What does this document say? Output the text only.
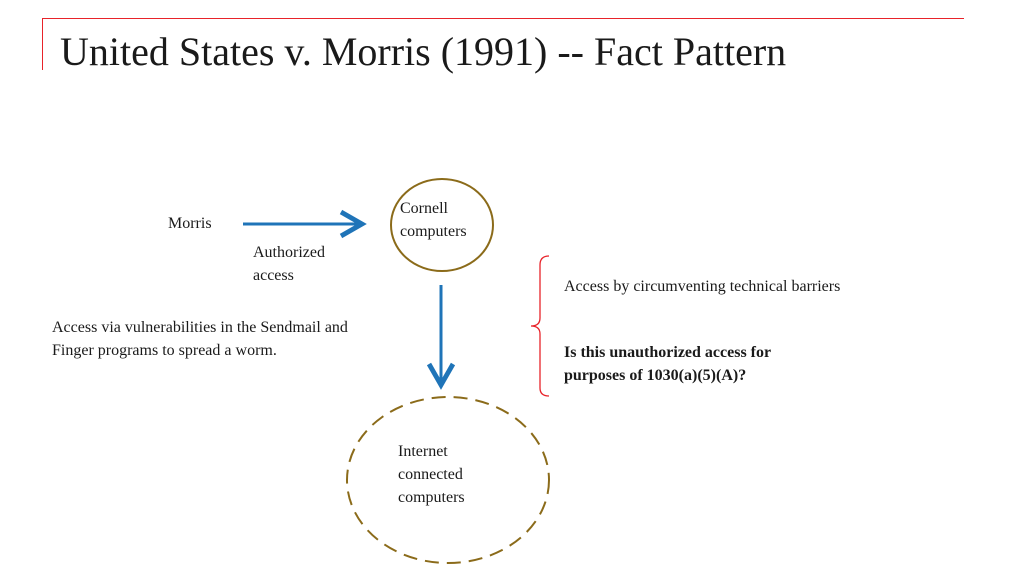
United States v. Morris (1991) -- Fact Pattern
Morris
Authorized
access
Cornell
computers
Access via vulnerabilities in the Sendmail and
Finger programs to spread a worm.
Access by circumventing technical barriers
Is this unauthorized access for
purposes of 1030(a)(5)(A)?
Internet
connected
computers
